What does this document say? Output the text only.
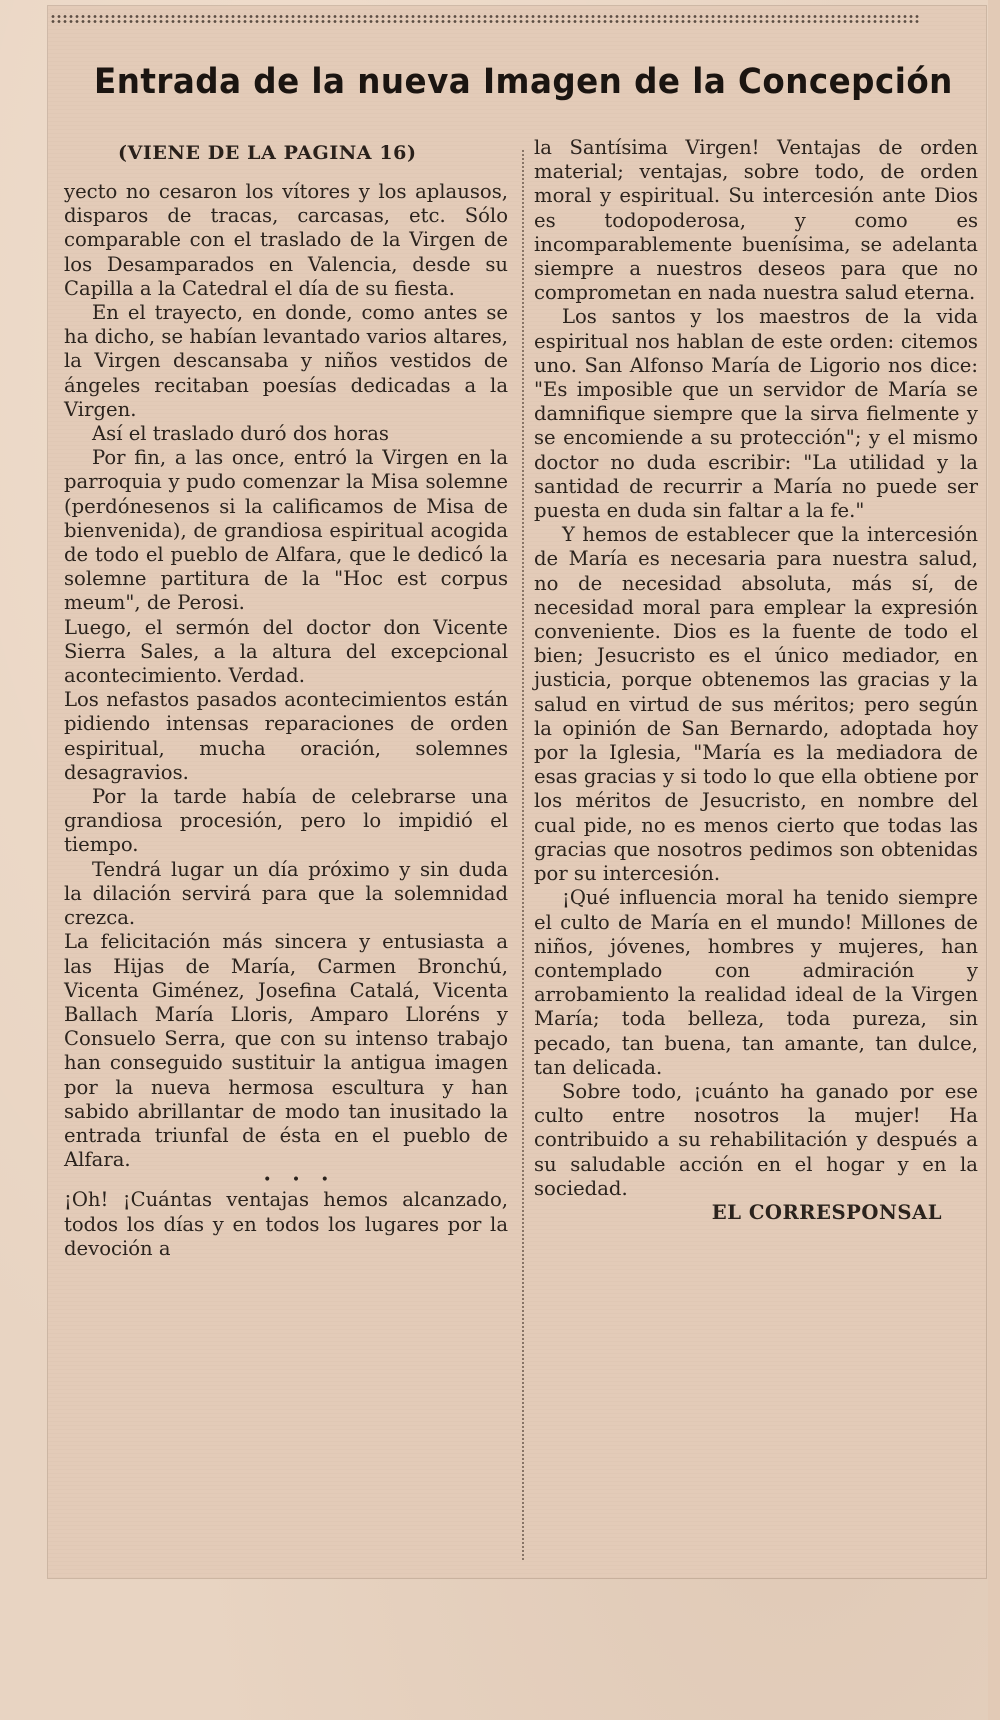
Entrada de la nueva Imagen de la Concepción
(VIENE DE LA PAGINA 16)

yecto no cesaron los vítores y los aplausos, disparos de tracas, carcasas, etc. Sólo comparable con el traslado de la Virgen de los Desamparados en Valencia, desde su Capilla a la Catedral el día de su fiesta.

En el trayecto, en donde, como antes se ha dicho, se habían levantado varios altares, la Virgen descansaba y niños vestidos de ángeles recitaban poesías dedicadas a la Virgen.

Así el traslado duró dos horas

Por fin, a las once, entró la Virgen en la parroquia y pudo comenzar la Misa solemne (perdónesenos si la calificamos de Misa de bienvenida), de grandiosa espiritual acogida de todo el pueblo de Alfara, que le dedicó la solemne partitura de la "Hoc est corpus meum", de Perosi.

Luego, el sermón del doctor don Vicente Sierra Sales, a la altura del excepcional acontecimiento. Verdad.

Los nefastos pasados acontecimientos están pidiendo intensas reparaciones de orden espiritual, mucha oración, solemnes desagravios.

Por la tarde había de celebrarse una grandiosa procesión, pero lo impidió el tiempo.

Tendrá lugar un día próximo y sin duda la dilación servirá para que la solemnidad crezca.

La felicitación más sincera y entusiasta a las Hijas de María, Carmen Bronchú, Vicenta Giménez, Josefina Catalá, Vicenta Ballach María Lloris, Amparo Lloréns y Consuelo Serra, que con su intenso trabajo han conseguido sustituir la antigua imagen por la nueva hermosa escultura y han sabido abrillantar de modo tan inusitado la entrada triunfal de ésta en el pueblo de Alfara.

• • •

¡Oh! ¡Cuántas ventajas hemos alcanzado, todos los días y en todos los lugares por la devoción a

la Santísima Virgen! Ventajas de orden material; ventajas, sobre todo, de orden moral y espiritual. Su intercesión ante Dios es todopoderosa, y como es incomparablemente buenísima, se adelanta siempre a nuestros deseos para que no comprometan en nada nuestra salud eterna.

Los santos y los maestros de la vida espiritual nos hablan de este orden: citemos uno. San Alfonso María de Ligorio nos dice: "Es imposible que un servidor de María se damnifique siempre que la sirva fielmente y se encomiende a su protección"; y el mismo doctor no duda escribir: "La utilidad y la santidad de recurrir a María no puede ser puesta en duda sin faltar a la fe."

Y hemos de establecer que la intercesión de María es necesaria para nuestra salud, no de necesidad absoluta, más sí, de necesidad moral para emplear la expresión conveniente. Dios es la fuente de todo el bien; Jesucristo es el único mediador, en justicia, porque obtenemos las gracias y la salud en virtud de sus méritos; pero según la opinión de San Bernardo, adoptada hoy por la Iglesia, "María es la mediadora de esas gracias y si todo lo que ella obtiene por los méritos de Jesucristo, en nombre del cual pide, no es menos cierto que todas las gracias que nosotros pedimos son obtenidas por su intercesión.

¡Qué influencia moral ha tenido siempre el culto de María en el mundo! Millones de niños, jóvenes, hombres y mujeres, han contemplado con admiración y arrobamiento la realidad ideal de la Virgen María; toda belleza, toda pureza, sin pecado, tan buena, tan amante, tan dulce, tan delicada.

Sobre todo, ¡cuánto ha ganado por ese culto entre nosotros la mujer! Ha contribuido a su rehabilitación y después a su saludable acción en el hogar y en la sociedad.

EL CORRESPONSAL
